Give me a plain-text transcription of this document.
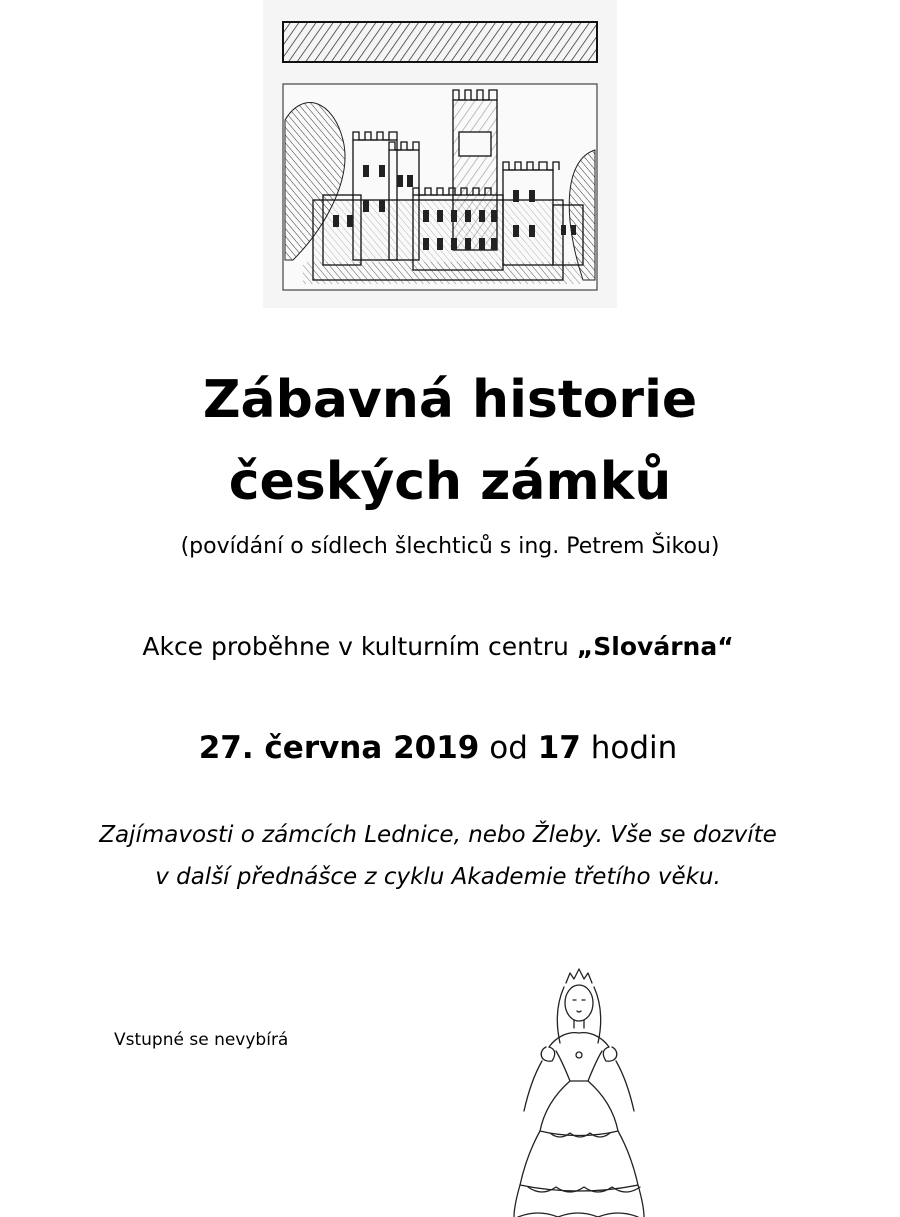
Zábavná historie
českých zámků
(povídání o sídlech šlechticů s ing. Petrem Šikou)
Akce proběhne v kulturním centru „Slovárna“
27. června 2019 od 17 hodin
Zajímavosti o zámcích Lednice, nebo Žleby. Vše se dozvíte
v další přednášce z cyklu Akademie třetího věku.
Vstupné se nevybírá
